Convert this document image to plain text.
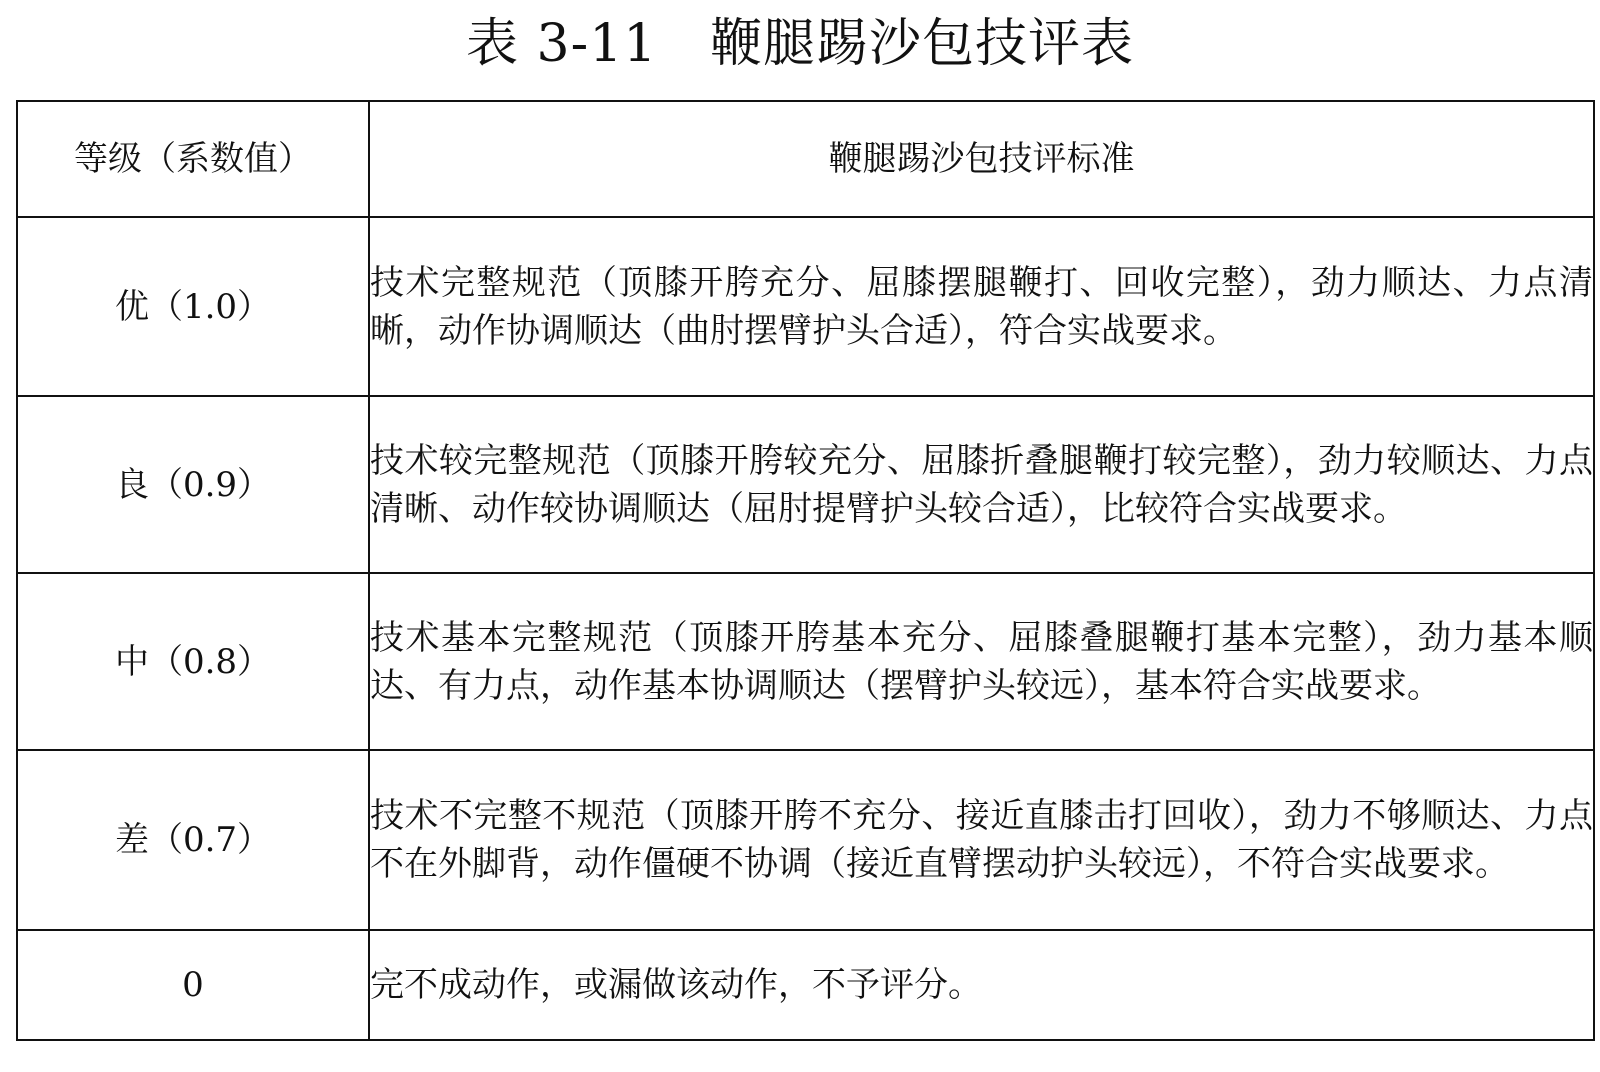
表 3-11   鞭腿踢沙包技评表
等级（系数值）	鞭腿踢沙包技评标准
优（1.0）	技术完整规范（顶膝开胯充分、屈膝摆腿鞭打、回收完整），劲力顺达、力点清晰，动作协调顺达（曲肘摆臂护头合适），符合实战要求。
良（0.9）	技术较完整规范（顶膝开胯较充分、屈膝折叠腿鞭打较完整），劲力较顺达、力点清晰、动作较协调顺达（屈肘提臂护头较合适），比较符合实战要求。
中（0.8）	技术基本完整规范（顶膝开胯基本充分、屈膝叠腿鞭打基本完整），劲力基本顺达、有力点，动作基本协调顺达（摆臂护头较远），基本符合实战要求。
差（0.7）	技术不完整不规范（顶膝开胯不充分、接近直膝击打回收），劲力不够顺达、力点不在外脚背，动作僵硬不协调（接近直臂摆动护头较远），不符合实战要求。
0	完不成动作，或漏做该动作，不予评分。
